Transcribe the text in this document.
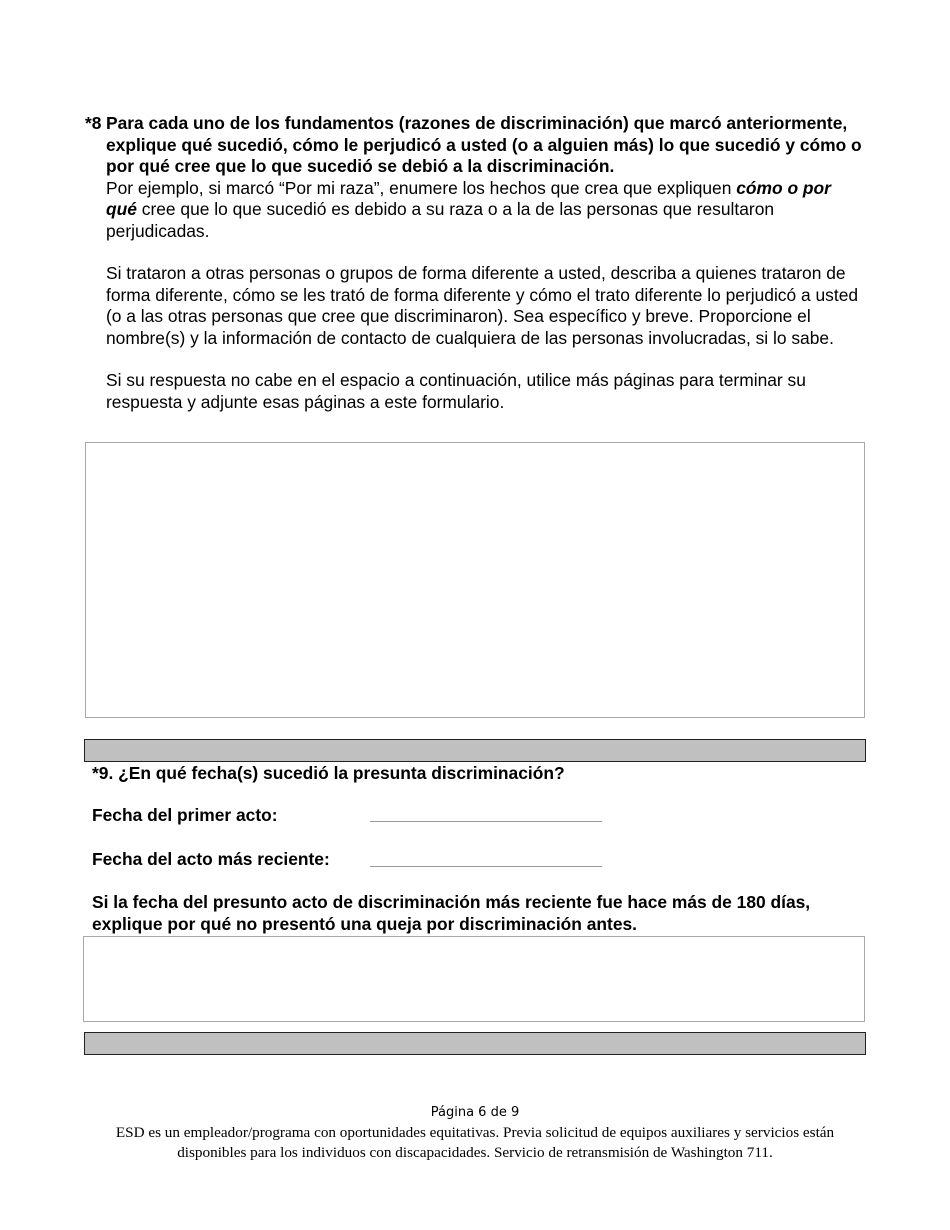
*8 Para cada uno de los fundamentos (razones de discriminación) que marcó anteriormente, explique qué sucedió, cómo le perjudicó a usted (o a alguien más) lo que sucedió y cómo o por qué cree que lo que sucedió se debió a la discriminación.

Por ejemplo, si marcó “Por mi raza”, enumere los hechos que crea que expliquen cómo o por qué cree que lo que sucedió es debido a su raza o a la de las personas que resultaron perjudicadas.

Si trataron a otras personas o grupos de forma diferente a usted, describa a quienes trataron de forma diferente, cómo se les trató de forma diferente y cómo el trato diferente lo perjudicó a usted (o a las otras personas que cree que discriminaron). Sea específico y breve. Proporcione el nombre(s) y la información de contacto de cualquiera de las personas involucradas, si lo sabe.

Si su respuesta no cabe en el espacio a continuación, utilice más páginas para terminar su respuesta y adjunte esas páginas a este formulario.

*9. ¿En qué fecha(s) sucedió la presunta discriminación?
Fecha del primer acto:
Fecha del acto más reciente:
Si la fecha del presunto acto de discriminación más reciente fue hace más de 180 días, explique por qué no presentó una queja por discriminación antes.
Página 6 de 9
ESD es un empleador/programa con oportunidades equitativas. Previa solicitud de equipos auxiliares y servicios están disponibles para los individuos con discapacidades. Servicio de retransmisión de Washington 711.
